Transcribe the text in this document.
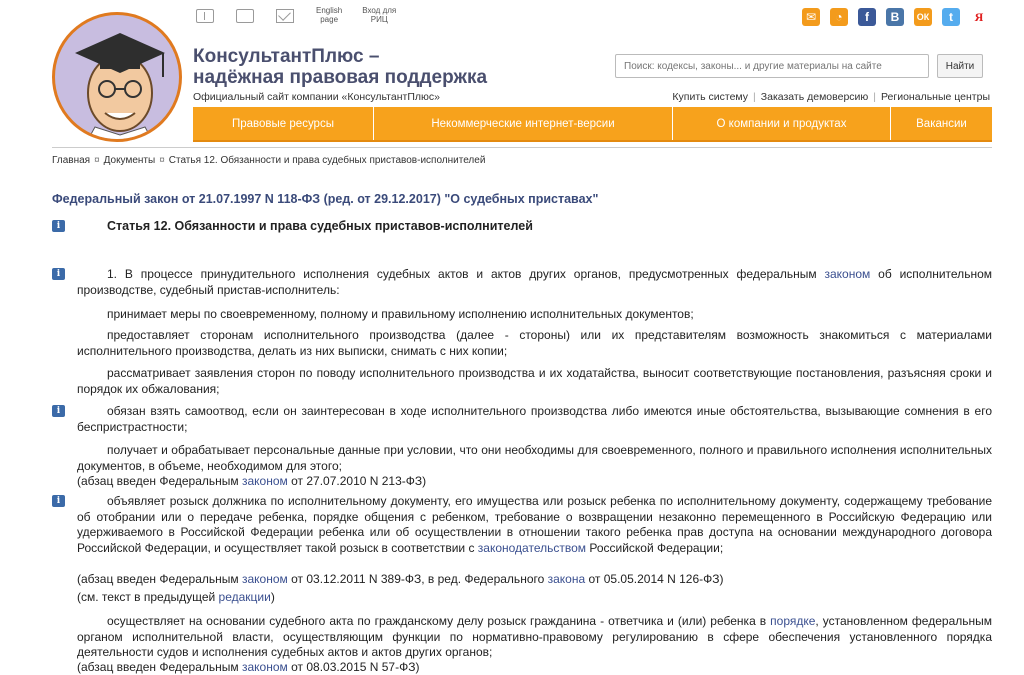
КонсультантПлюс –
надёжная правовая поддержка
Официальный сайт компании «КонсультантПлюс»
English
page
Вход для
РИЦ	✉	◔	f	В	ОК	t	Я
Поиск: кодексы, законы... и другие материалы на сайте
Найти
Купить систему | Заказать демоверсию | Региональные центры
Правовые ресурсы	Некоммерческие интернет-версии	О компании и продуктах	Вакансии
Главная ¤ Документы ¤ Статья 12. Обязанности и права судебных приставов-исполнителей
Федеральный закон от 21.07.1997 N 118-ФЗ (ред. от 29.12.2017) "О судебных приставах"
i	Статья 12. Обязанности и права судебных приставов-исполнителей
i	1. В процессе принудительного исполнения судебных актов и актов других органов, предусмотренных федеральным законом об исполнительном производстве, судебный пристав-исполнитель:
принимает меры по своевременному, полному и правильному исполнению исполнительных документов;
предоставляет сторонам исполнительного производства (далее - стороны) или их представителям возможность знакомиться с материалами исполнительного производства, делать из них выписки, снимать с них копии;
рассматривает заявления сторон по поводу исполнительного производства и их ходатайства, выносит соответствующие постановления, разъясняя сроки и порядок их обжалования;
i	обязан взять самоотвод, если он заинтересован в ходе исполнительного производства либо имеются иные обстоятельства, вызывающие сомнения в его беспристрастности;
получает и обрабатывает персональные данные при условии, что они необходимы для своевременного, полного и правильного исполнения исполнительных документов, в объеме, необходимом для этого;
(абзац введен Федеральным законом от 27.07.2010 N 213-ФЗ)
i	объявляет розыск должника по исполнительному документу, его имущества или розыск ребенка по исполнительному документу, содержащему требование об отобрании или о передаче ребенка, порядке общения с ребенком, требование о возвращении незаконно перемещенного в Российскую Федерацию или удерживаемого в Российской Федерации ребенка или об осуществлении в отношении такого ребенка прав доступа на основании международного договора Российской Федерации, и осуществляет такой розыск в соответствии с законодательством Российской Федерации;
(абзац введен Федеральным законом от 03.12.2011 N 389-ФЗ, в ред. Федерального закона от 05.05.2014 N 126-ФЗ)
(см. текст в предыдущей редакции)
осуществляет на основании судебного акта по гражданскому делу розыск гражданина - ответчика и (или) ребенка в порядке, установленном федеральным органом исполнительной власти, осуществляющим функции по нормативно-правовому регулированию в сфере обеспечения установленного порядка деятельности судов и исполнения судебных актов и актов других органов;
(абзац введен Федеральным законом от 08.03.2015 N 57-ФЗ)
